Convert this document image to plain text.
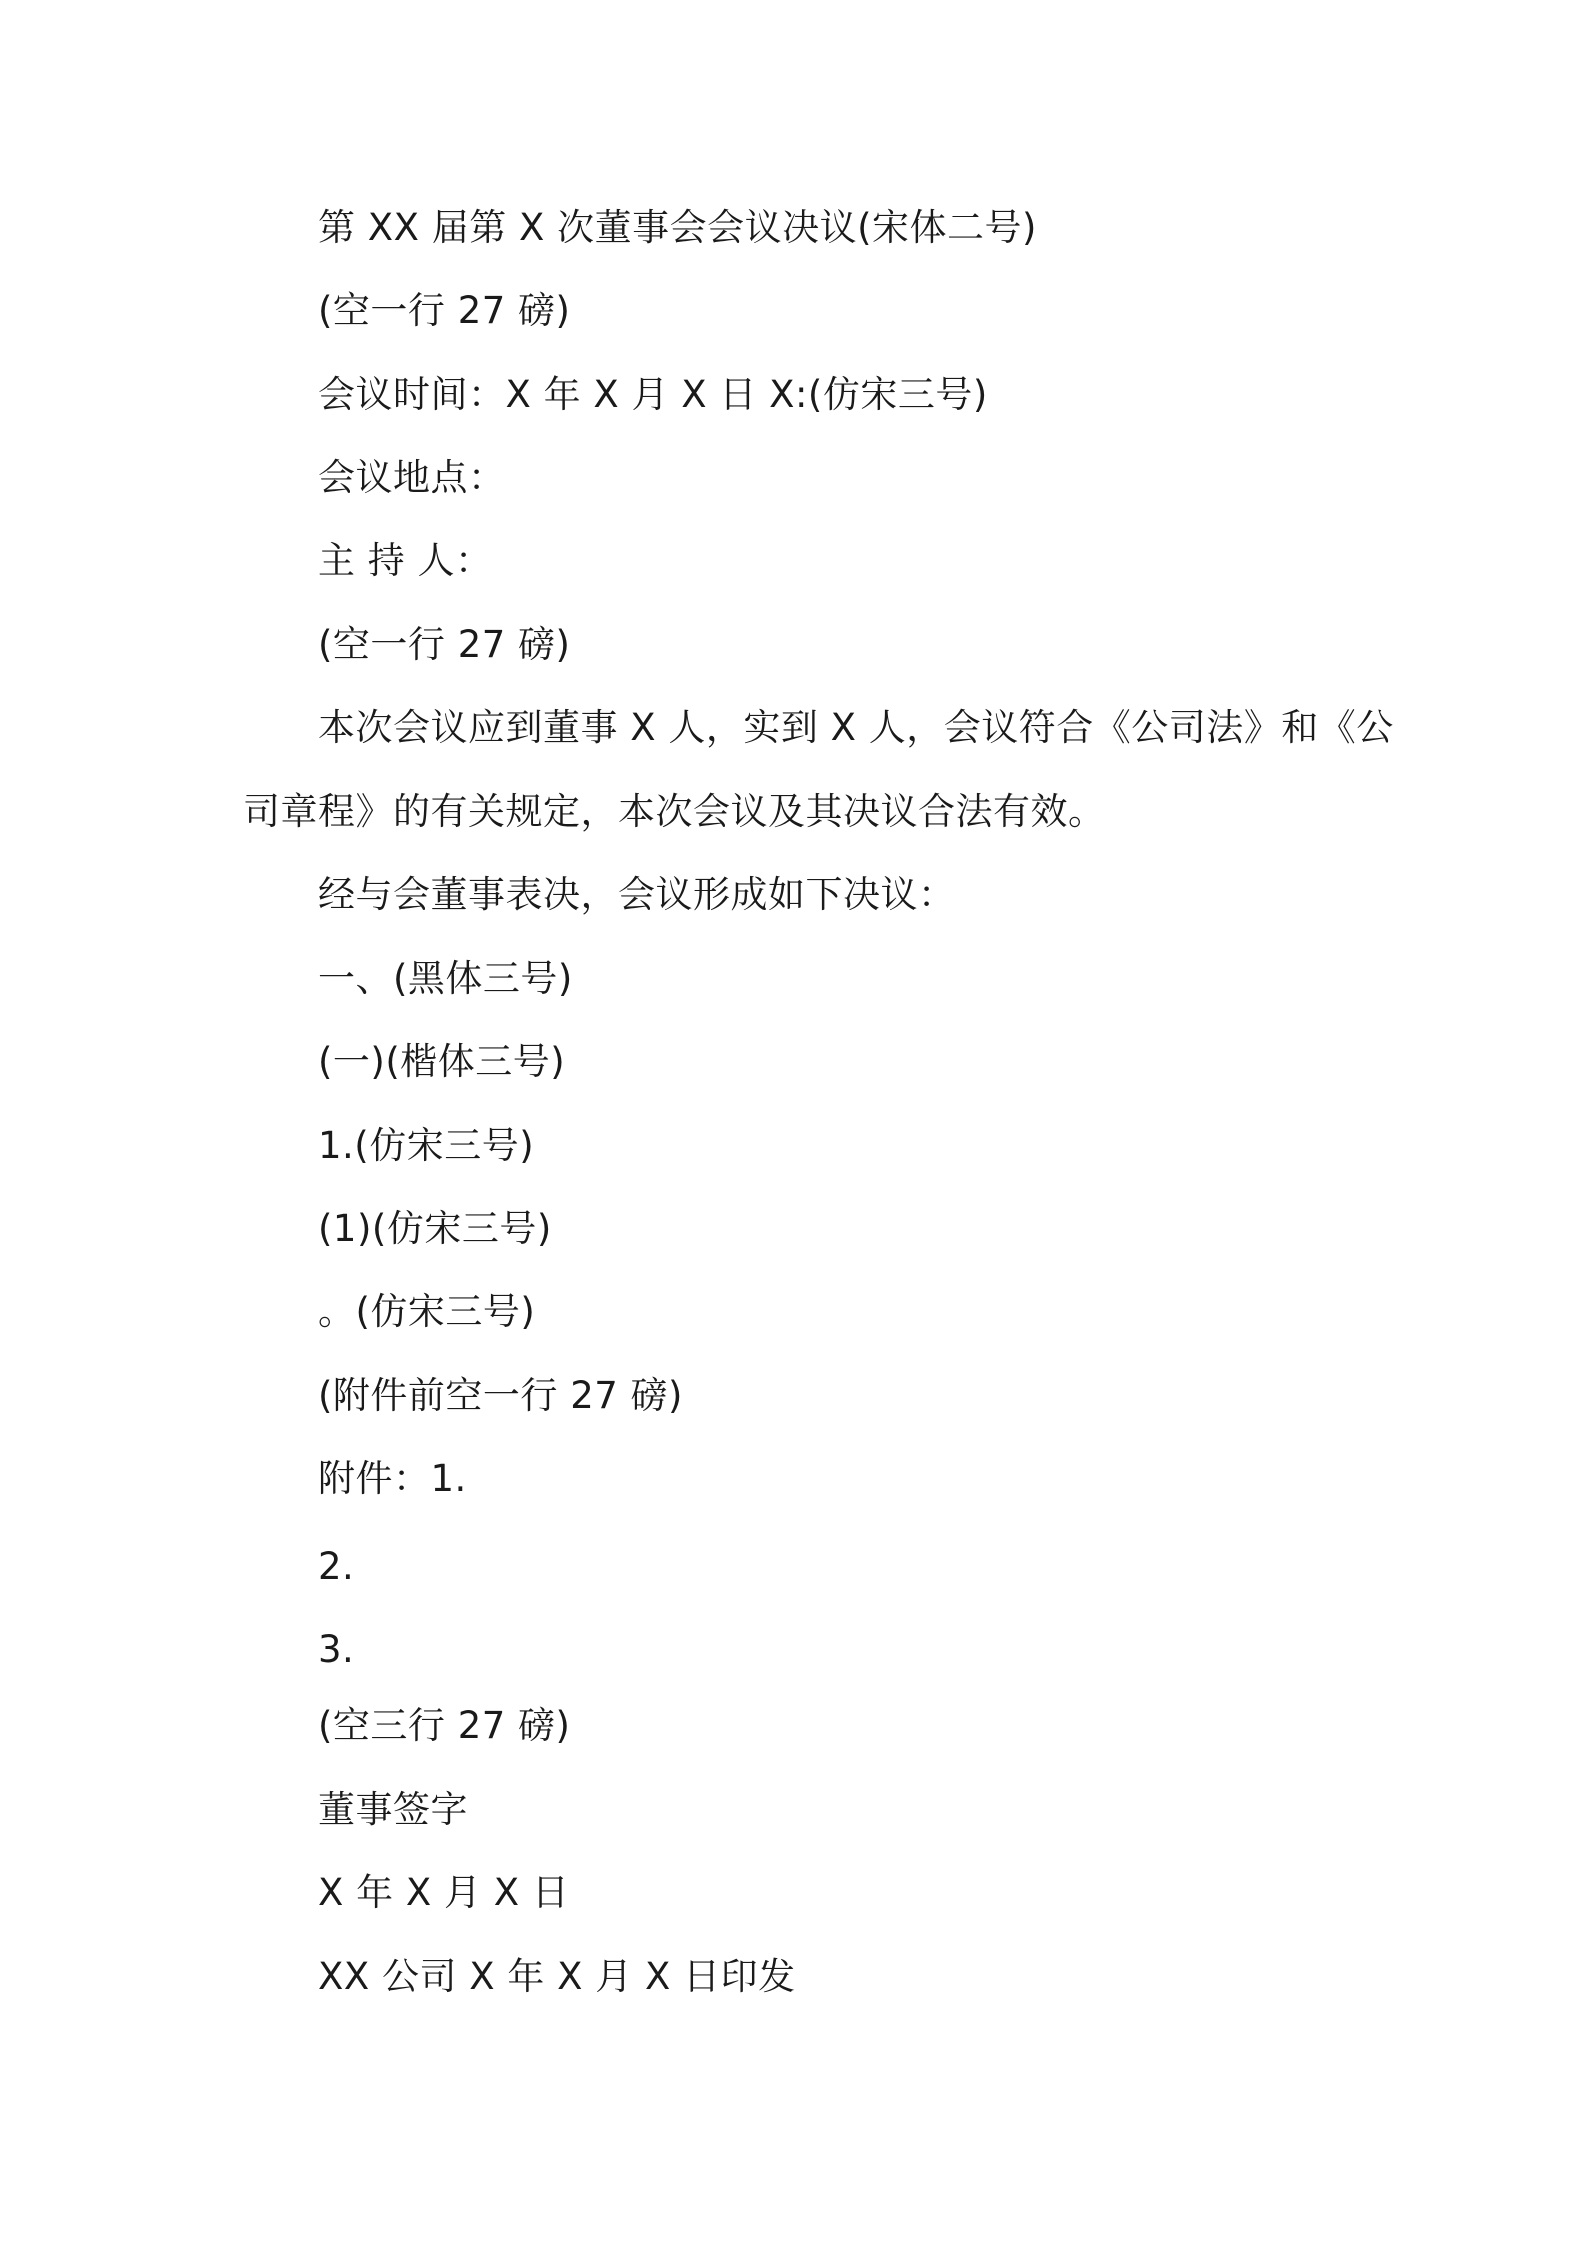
第 XX 届第 X 次董事会会议决议(宋体二号)
(空一行 27 磅)
会议时间：X 年 X 月 X 日 X:(仿宋三号)
会议地点：
主 持 人：
(空一行 27 磅)
本次会议应到董事 X 人，实到 X 人，会议符合《公司法》和《公
司章程》的有关规定，本次会议及其决议合法有效。
经与会董事表决，会议形成如下决议：
一、(黑体三号)
(一)(楷体三号)
1.(仿宋三号)
(1)(仿宋三号)
。(仿宋三号)
(附件前空一行 27 磅)
附件：1.
2.
3.
(空三行 27 磅)
董事签字
X 年 X 月 X 日
XX 公司 X 年 X 月 X 日印发
